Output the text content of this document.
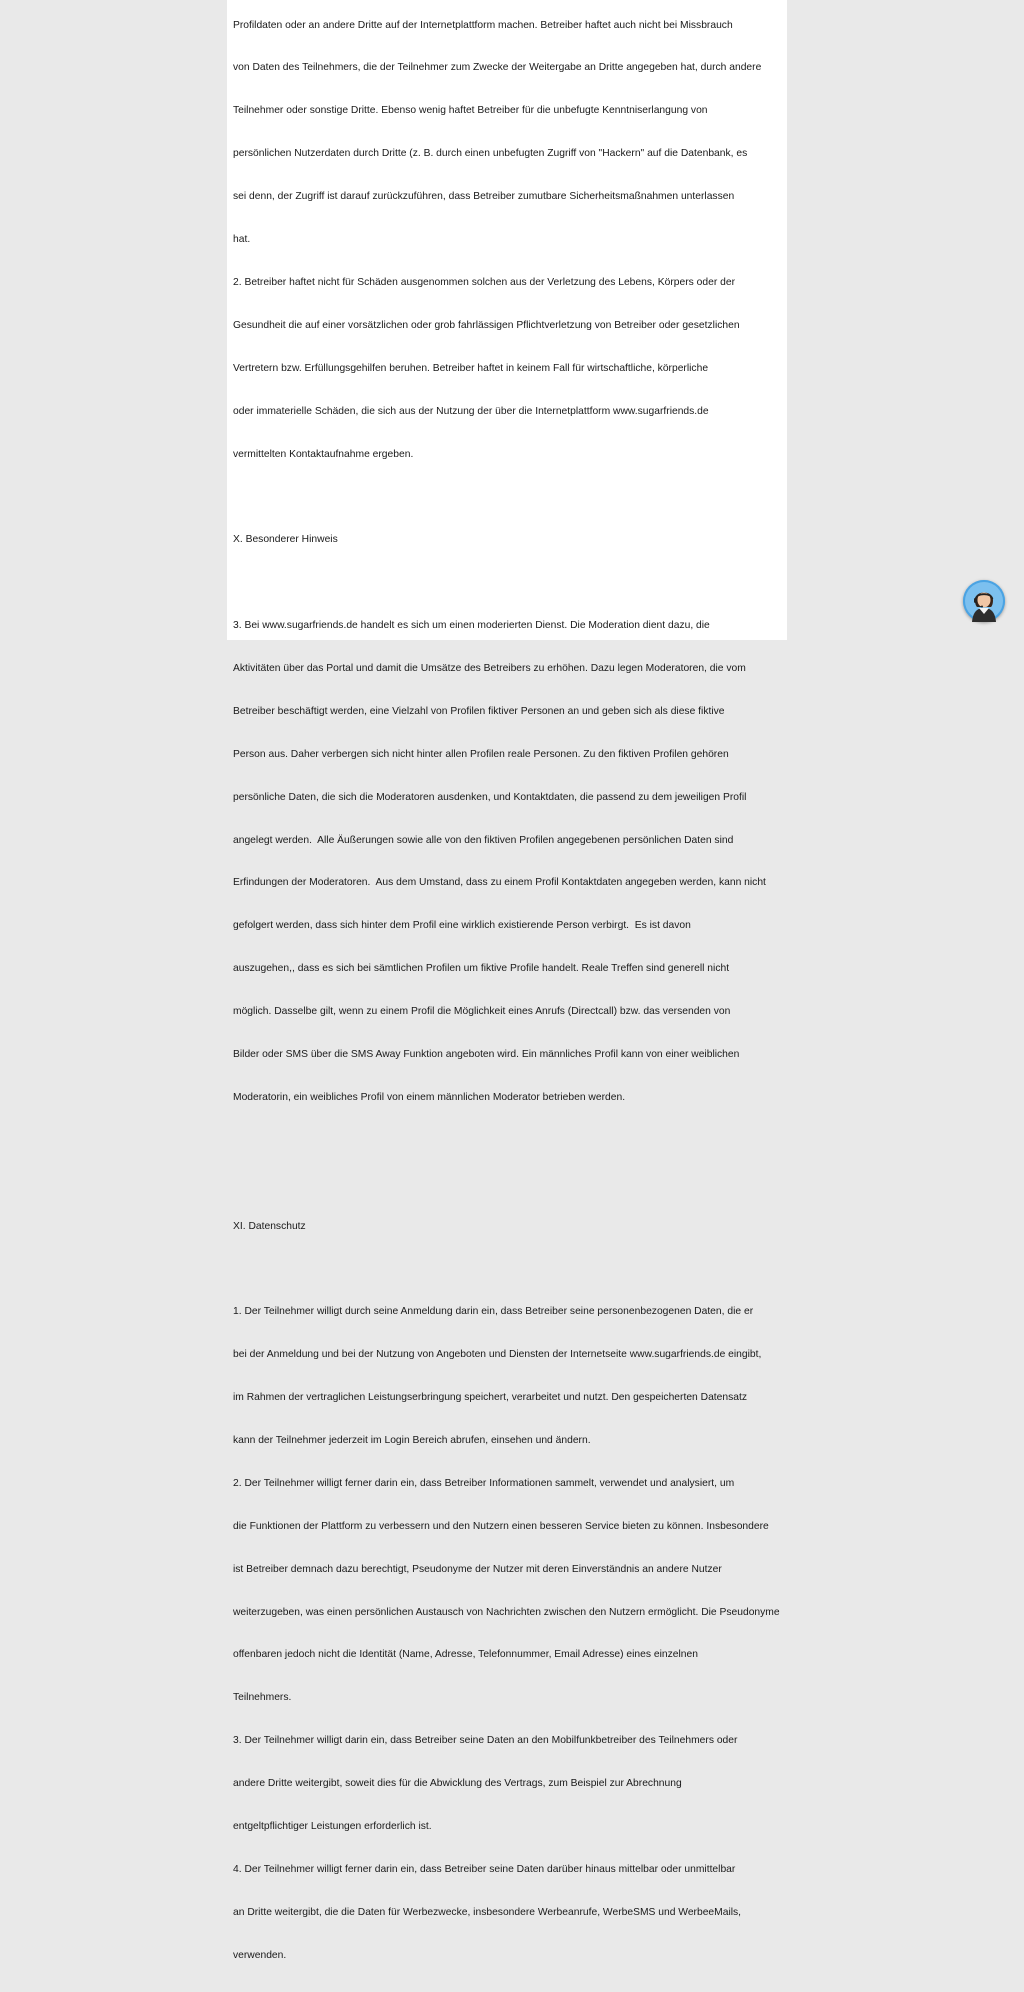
Profildaten oder an andere Dritte auf der Internetplattform machen. Betreiber haftet auch nicht bei Missbrauch

von Daten des Teilnehmers, die der Teilnehmer zum Zwecke der Weitergabe an Dritte angegeben hat, durch andere

Teilnehmer oder sonstige Dritte. Ebenso wenig haftet Betreiber für die unbefugte Kenntniserlangung von

persönlichen Nutzerdaten durch Dritte (z. B. durch einen unbefugten Zugriff von "Hackern" auf die Datenbank, es

sei denn, der Zugriff ist darauf zurückzuführen, dass Betreiber zumutbare Sicherheitsmaßnahmen unterlassen

hat.

2. Betreiber haftet nicht für Schäden ausgenommen solchen aus der Verletzung des Lebens, Körpers oder der

Gesundheit die auf einer vorsätzlichen oder grob fahrlässigen Pflichtverletzung von Betreiber oder gesetzlichen

Vertretern bzw. Erfüllungsgehilfen beruhen. Betreiber haftet in keinem Fall für wirtschaftliche, körperliche

oder immaterielle Schäden, die sich aus der Nutzung der über die Internetplattform www.sugarfriends.de

vermittelten Kontaktaufnahme ergeben.

X. Besonderer Hinweis

3. Bei www.sugarfriends.de handelt es sich um einen moderierten Dienst. Die Moderation dient dazu, die

Aktivitäten über das Portal und damit die Umsätze des Betreibers zu erhöhen. Dazu legen Moderatoren, die vom

Betreiber beschäftigt werden, eine Vielzahl von Profilen fiktiver Personen an und geben sich als diese fiktive

Person aus. Daher verbergen sich nicht hinter allen Profilen reale Personen. Zu den fiktiven Profilen gehören

persönliche Daten, die sich die Moderatoren ausdenken, und Kontaktdaten, die passend zu dem jeweiligen Profil

angelegt werden.  Alle Äußerungen sowie alle von den fiktiven Profilen angegebenen persönlichen Daten sind

Erfindungen der Moderatoren.  Aus dem Umstand, dass zu einem Profil Kontaktdaten angegeben werden, kann nicht

gefolgert werden, dass sich hinter dem Profil eine wirklich existierende Person verbirgt.  Es ist davon

auszugehen,, dass es sich bei sämtlichen Profilen um fiktive Profile handelt. Reale Treffen sind generell nicht

möglich. Dasselbe gilt, wenn zu einem Profil die Möglichkeit eines Anrufs (Directcall) bzw. das versenden von

Bilder oder SMS über die SMS Away Funktion angeboten wird. Ein männliches Profil kann von einer weiblichen

Moderatorin, ein weibliches Profil von einem männlichen Moderator betrieben werden.

XI. Datenschutz

1. Der Teilnehmer willigt durch seine Anmeldung darin ein, dass Betreiber seine personenbezogenen Daten, die er

bei der Anmeldung und bei der Nutzung von Angeboten und Diensten der Internetseite www.sugarfriends.de eingibt,

im Rahmen der vertraglichen Leistungserbringung speichert, verarbeitet und nutzt. Den gespeicherten Datensatz

kann der Teilnehmer jederzeit im Login Bereich abrufen, einsehen und ändern.

2. Der Teilnehmer willigt ferner darin ein, dass Betreiber Informationen sammelt, verwendet und analysiert, um

die Funktionen der Plattform zu verbessern und den Nutzern einen besseren Service bieten zu können. Insbesondere

ist Betreiber demnach dazu berechtigt, Pseudonyme der Nutzer mit deren Einverständnis an andere Nutzer

weiterzugeben, was einen persönlichen Austausch von Nachrichten zwischen den Nutzern ermöglicht. Die Pseudonyme

offenbaren jedoch nicht die Identität (Name, Adresse, Telefonnummer, Email Adresse) eines einzelnen

Teilnehmers.

3. Der Teilnehmer willigt darin ein, dass Betreiber seine Daten an den Mobilfunkbetreiber des Teilnehmers oder

andere Dritte weitergibt, soweit dies für die Abwicklung des Vertrags, zum Beispiel zur Abrechnung

entgeltpflichtiger Leistungen erforderlich ist.

4. Der Teilnehmer willigt ferner darin ein, dass Betreiber seine Daten darüber hinaus mittelbar oder unmittelbar

an Dritte weitergibt, die die Daten für Werbezwecke, insbesondere Werbeanrufe, WerbeSMS und WerbeeMails,

verwenden.
